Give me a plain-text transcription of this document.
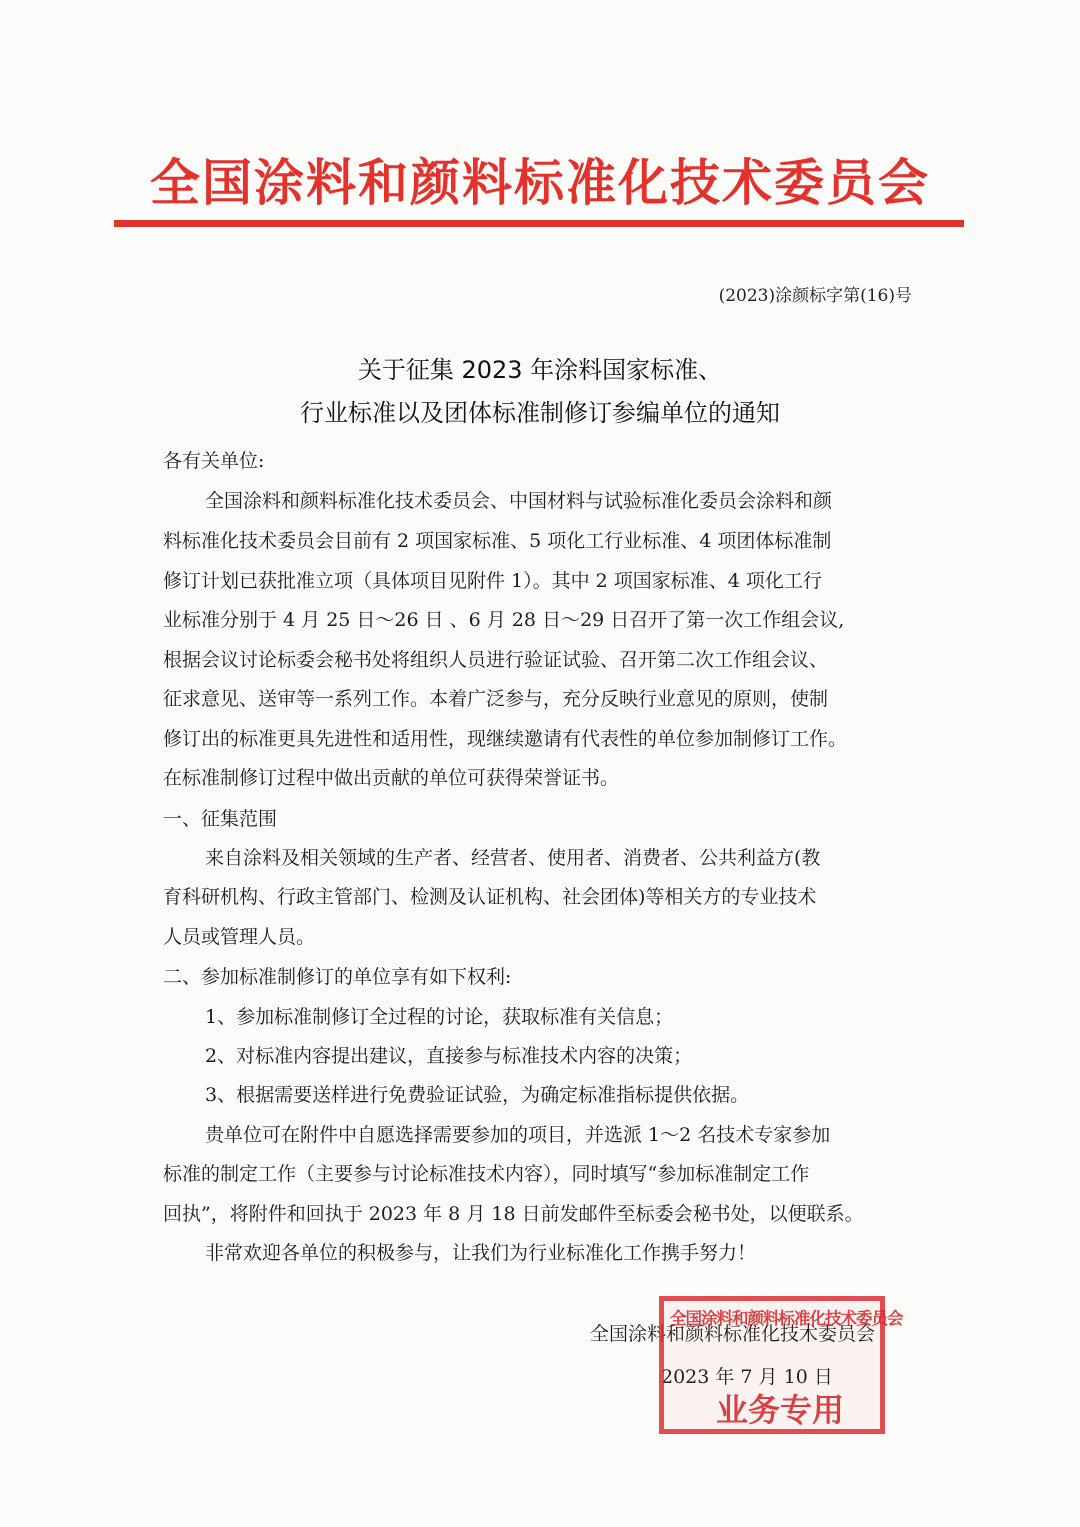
全国涂料和颜料标准化技术委员会
(2023)涂颜标字第(16)号
关于征集 2023 年涂料国家标准、
行业标准以及团体标准制修订参编单位的通知
各有关单位:
全国涂料和颜料标准化技术委员会、中国材料与试验标准化委员会涂料和颜
料标准化技术委员会目前有 2 项国家标准、5 项化工行业标准、4 项团体标准制
修订计划已获批准立项（具体项目见附件 1）。其中 2 项国家标准、4 项化工行
业标准分别于 4 月 25 日～26 日 、6 月 28 日～29 日召开了第一次工作组会议,
根据会议讨论标委会秘书处将组织人员进行验证试验、召开第二次工作组会议、
征求意见、送审等一系列工作。本着广泛参与，充分反映行业意见的原则，使制
修订出的标准更具先进性和适用性，现继续邀请有代表性的单位参加制修订工作。
在标准制修订过程中做出贡献的单位可获得荣誉证书。
一、征集范围
来自涂料及相关领域的生产者、经营者、使用者、消费者、公共利益方(教
育科研机构、行政主管部门、检测及认证机构、社会团体)等相关方的专业技术
人员或管理人员。
二、参加标准制修订的单位享有如下权利:
1、参加标准制修订全过程的讨论，获取标准有关信息；
2、对标准内容提出建议，直接参与标准技术内容的决策；
3、根据需要送样进行免费验证试验，为确定标准指标提供依据。
贵单位可在附件中自愿选择需要参加的项目，并选派 1～2 名技术专家参加
标准的制定工作（主要参与讨论标准技术内容），同时填写“参加标准制定工作
回执”，将附件和回执于 2023 年 8 月 18 日前发邮件至标委会秘书处，以便联系。
非常欢迎各单位的积极参与，让我们为行业标准化工作携手努力！
全国涂料和颜料标准化技术委员会
2023 年 7 月 10 日
全国涂料和颜料标准化技术委员会
业务专用
